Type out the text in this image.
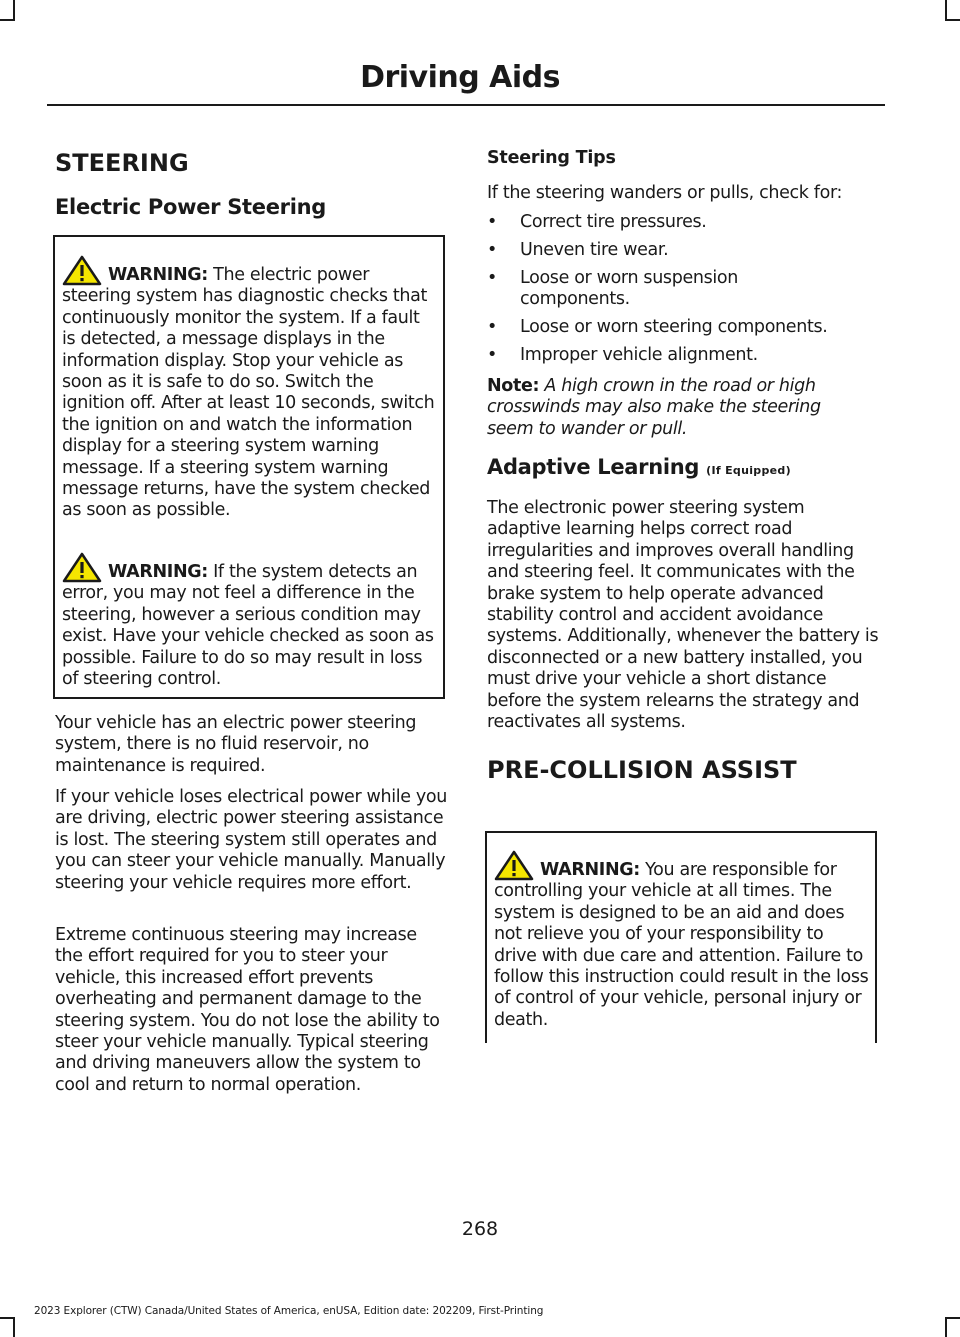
Driving Aids
STEERING
Electric Power Steering
WARNING: The electric power steering system has diagnostic checks that continuously monitor the system. If a fault is detected, a message displays in the information display. Stop your vehicle as soon as it is safe to do so. Switch the ignition off. After at least 10 seconds, switch the ignition on and watch the information display for a steering system warning message. If a steering system warning message returns, have the system checked as soon as possible.
WARNING: If the system detects an error, you may not feel a difference in the steering, however a serious condition may exist. Have your vehicle checked as soon as possible. Failure to do so may result in loss of steering control.
Your vehicle has an electric power steering system, there is no fluid reservoir, no maintenance is required.
If your vehicle loses electrical power while you are driving, electric power steering assistance is lost. The steering system still operates and you can steer your vehicle manually. Manually steering your vehicle requires more effort.
Extreme continuous steering may increase the effort required for you to steer your vehicle, this increased effort prevents overheating and permanent damage to the steering system. You do not lose the ability to steer your vehicle manually. Typical steering and driving maneuvers allow the system to cool and return to normal operation.
Steering Tips
If the steering wanders or pulls, check for:
•	Correct tire pressures.
•	Uneven tire wear.
•	Loose or worn suspension components.
•	Loose or worn steering components.
•	Improper vehicle alignment.
Note: A high crown in the road or high crosswinds may also make the steering seem to wander or pull.
Adaptive Learning (If Equipped)
The electronic power steering system adaptive learning helps correct road irregularities and improves overall handling and steering feel. It communicates with the brake system to help operate advanced stability control and accident avoidance systems. Additionally, whenever the battery is disconnected or a new battery installed, you must drive your vehicle a short distance before the system relearns the strategy and reactivates all systems.
PRE-COLLISION ASSIST
WARNING: You are responsible for controlling your vehicle at all times. The system is designed to be an aid and does not relieve you of your responsibility to drive with due care and attention. Failure to follow this instruction could result in the loss of control of your vehicle, personal injury or death.
268
2023 Explorer (CTW) Canada/United States of America, enUSA, Edition date: 202209, First-Printing
